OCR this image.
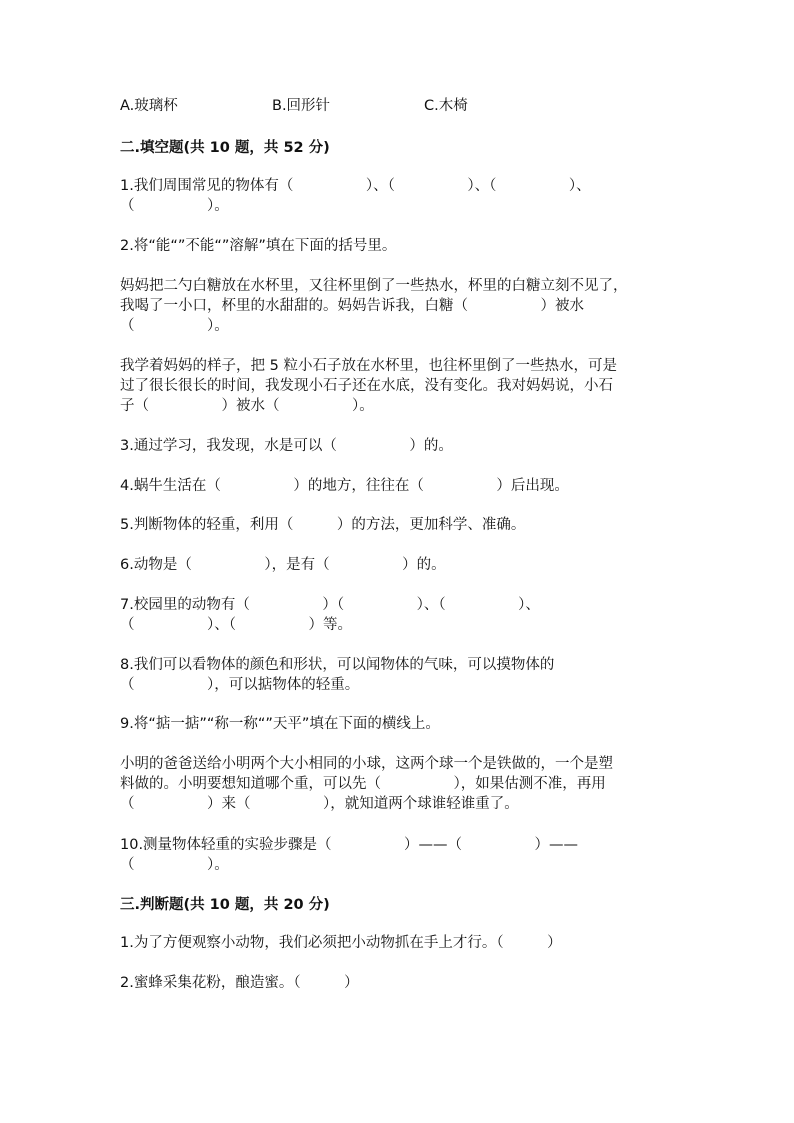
A.玻璃杯	B.回形针	C.木椅
二.填空题(共 10 题，共 52 分)
1.我们周围常见的物体有（　　　　　）、（　　　　　）、（　　　　　）、
（　　　　　）。
2.将“能“”不能“”溶解”填在下面的括号里。
妈妈把二勺白糖放在水杯里，又往杯里倒了一些热水，杯里的白糖立刻不见了，
我喝了一小口，杯里的水甜甜的。妈妈告诉我，白糖（　　　　　）被水
（　　　　　）。
我学着妈妈的样子，把 5 粒小石子放在水杯里，也往杯里倒了一些热水，可是
过了很长很长的时间，我发现小石子还在水底，没有变化。我对妈妈说，小石
子（　　　　　）被水（　　　　　）。
3.通过学习，我发现，水是可以（　　　　　）的。
4.蜗牛生活在（　　　　　）的地方，往往在（　　　　　）后出现。
5.判断物体的轻重，利用（　　　）的方法，更加科学、准确。
6.动物是（　　　　　），是有（　　　　　）的。
7.校园里的动物有（　　　　　）（　　　　　）、（　　　　　）、
（　　　　　）、（　　　　　）等。
8.我们可以看物体的颜色和形状，可以闻物体的气味，可以摸物体的
（　　　　　），可以掂物体的轻重。
9.将“掂一掂”“称一称“”天平”填在下面的横线上。
小明的爸爸送给小明两个大小相同的小球，这两个球一个是铁做的，一个是塑
料做的。小明要想知道哪个重，可以先（　　　　　），如果估测不准，再用
（　　　　　）来（　　　　　），就知道两个球谁轻谁重了。
10.测量物体轻重的实验步骤是（　　　　　）——（　　　　　）——
（　　　　　）。
三.判断题(共 10 题，共 20 分)
1.为了方便观察小动物，我们必须把小动物抓在手上才行。（　　　）
2.蜜蜂采集花粉，酿造蜜。（　　　）
